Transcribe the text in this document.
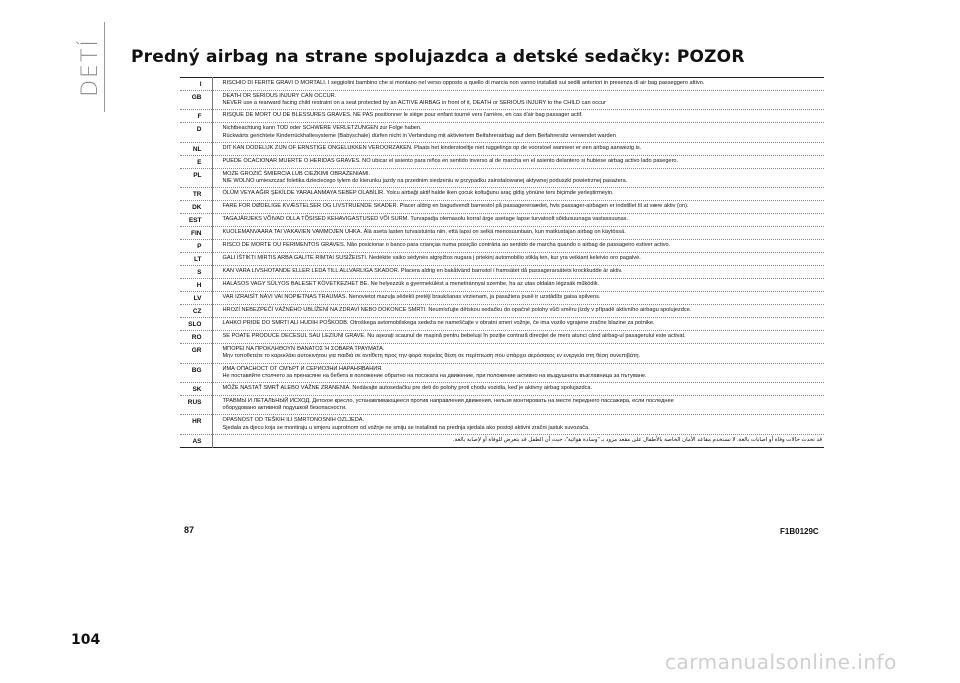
DETÍ Predný airbag na strane spolujazdca a detské sedačky: POZOR
I	RISCHIO DI FERITE GRAVI O MORTALI. I seggiolini bambino che si montano nel verso opposto a quello di marcia non vanno installati sui sedili anteriori in presenza di air bag passeggero attivo.

GB	DEATH OR SERIOUS INJURY CAN OCCUR.
NEVER use a rearward facing child restraint on a seat protected by an ACTIVE AIRBAG in front of it, DEATH or SERIOUS INJURY to the CHILD can occur

F	RISQUE DE MORT OU DE BLESSURES GRAVES. NE PAS positionner le siège pour enfant tourné vers l'arrière, en cas d'air bag passager actif.

D	Nichtbeachtung kann TOD oder SCHWERE VERLETZUNGEN zur Folge haben.
Rückwärts gerichtete Kinderrückhaltesysteme (Babyschale) dürfen nicht in Verbindung mit aktiviertem Beifahrerairbag auf dem Beifahrersitz verwendet warden

NL	DIT KAN DODELIJK ZIJN OF ERNSTIGE ONGELUKKEN VEROORZAKEN. Plaats het kinderstoeltje niet ruggelings op de voorstoel wanneer er een airbag aanwezig is.

E	PUEDE OCACIONAR MUERTE O HERIDAS GRAVES. NO ubicar el asiento para niños en sentido inverso al de marcha en el asiento delantero si hubiese airbag activo lado pasegero.

PL	MOŻE GROZIĆ ŚMIERCIA LUB CIEŻKIMI OBRAŻENIAMI.
NIE WOLNO umieszczać foletika dzieciecego tylem do kierunku jazdy na przednim siedzeniu w przypadku zainstalowanej aktywnej poduszki powietrznej pasażera.

TR	ÖLÜM VEYA AĞIR ŞEKİLDE YARALANMAYA SEBEP OLABİLİR. Yolcu airbaği aktif halde iken çocuk koltuğunu araç gidiş yönüne ters biçimde yerleştirmeyin.

DK	FARE FOR DØDELIGE KVÆSTELSER OG LIVSTRUENDE SKADER. Placer aldrig en bagudvendt barnestol på passagerersædet, hvis passager-airbagen er indstillet til at være aktiv (on).

EST	TAGAJÄRJEKS VÕIVAD OLLA TÕSISED KEHAVIGASTUSED VÕI SURM. Turvapadja olemasolu korral ärge asetage lapse turvatoolt sõidusuunaga vastassuunas.

FIN	KUOLEMANVAARA TAI VAKAVIEN VAMMOJEN UHKA. Älä aseta lasten turvaistuinta niin, että lapsi on selkä menosuuntaan, kun matkustajan airbag on käytössä.

P	RISCO DE MORTE OU FERIMENTOS GRAVES. Não posicionar o banco para crianças numa posição contrária ao sentido de marcha quando o airbag de passageiro estiver activo.

LT	GALI IŠTIKTI MIRTIS ARBA GALITE RIMTAI SUSIŽEISTI. Nedėkite vaiko sėdynės atgręžtos nugara į priekinį automobilio stiklą ten, kur yra veikiant keleivio oro pagalvė.

S	KAN VARA LIVSHOTANDE ELLER LEDA TILL ALLVARLIGA SKADOR. Placera aldrig en bakåtvänd barnstol i framsätet då passagerarsätets krockkudde är aktiv.

H	HALÁSOS VAGY SÚLYOS BALESET KÖVETKEZHET BE. Ne helyezzük a gyermekülést a menetiránnyal szembe, ha az utas oldalán légzsák működik.

LV	VAR IZRAISĪT NĀVI VAI NOPIETNAS TRAUMAS. Nenovietot mazuļa sēdekli pretēji braukšanas virzienam, ja pasažiera pusē ir uzstādīts gaisa spilvens.

CZ	HROZÍ NEBEZPEČÍ VÁŽNÉHO UBLÍŽENÍ NA ZDRAVÍ NEBO DOKONCE SMRTI. Neumísťujte dětskou sedačku do opačné polohy vůči směru jízdy v případě aktivního airbagu spolujezdce.

SLO	LAHKO PRIDE DO SMRTI ALI HUDIH POŠKODB. Otroškega avtomobilskega sedeža ne nameščajte v obratni smeri vožnje, če ima vozilo vgrajene zračne blazine za potnike.

RO	SE POATE PRODUCE DECESUL SAU LEZIUNI GRAVE. Nu așezați scaunul de mașină pentru bebeluși în poziție contrară direcției de mers atunci când airbag-ul pasagerului este activat.

GR	ΜΠΟΡΕΙ ΝΑ ΠΡΟΚΛΗΘΟΥΝ ΘΑΝΑΤΟΣ Ή ΣΟΒΑΡΑ ΤΡΑΥΜΑΤΑ.
Μην τοποθετείτε το καρεκλάκι αυτοκινήτου για παιδιά σε αντίθετη προς την φορά πορείας θέση σε περίπτωση που υπάρχει αερόσακος εν ενεργεία στη θέση συνεπιβάτη.

BG	ИМА ОПАСНОСТ ОТ СМЪРТ И СЕРИОЗНИ НАРАНЯВАНИЯ.
Не поставяйте столчето за пренасяне на бебета в положение обратно на посоката на движение, при положение активно на въздушната възглавница за пътуване.

SK	MÔŽE NASTAŤ SMRŤ ALEBO VÁŽNE ZRANENIA. Nedávajte autosedačku pre deti do polohy proti chodu vozidla, keď je aktivny airbag spolujazdca.

RUS	ТРАВМЫ И ЛЕТАЛЬНЫЙ ИСХОД. Детское кресло, устанавливающееся против направления движения, нельзя монтировать на месте переднего пассажира, если последнее
оборудовано активной подушкой безопасности.

HR	OPASNOST OD TEŠKIH ILI SMRTONOSNIH OZLJEDA.
Sjedala za djecu koja se montiraju u smjeru suprotnom od vožnje ne smiju se instalirati na prednja sjedala ako postoji aktivni zračni jastuk suvozača.

AS	قد تحدث حالات وفاة أو اصابات بالغة. لا تستخدم مقاعد الأمان الخاصة بالأطفال على مقعد مزود بـ "وسادة هوائية"، حيث أن الطفل قد يتعرض للوفاة أو لإصابة بالغة.
87	F1B0129C
104
carmanualsonline.info
